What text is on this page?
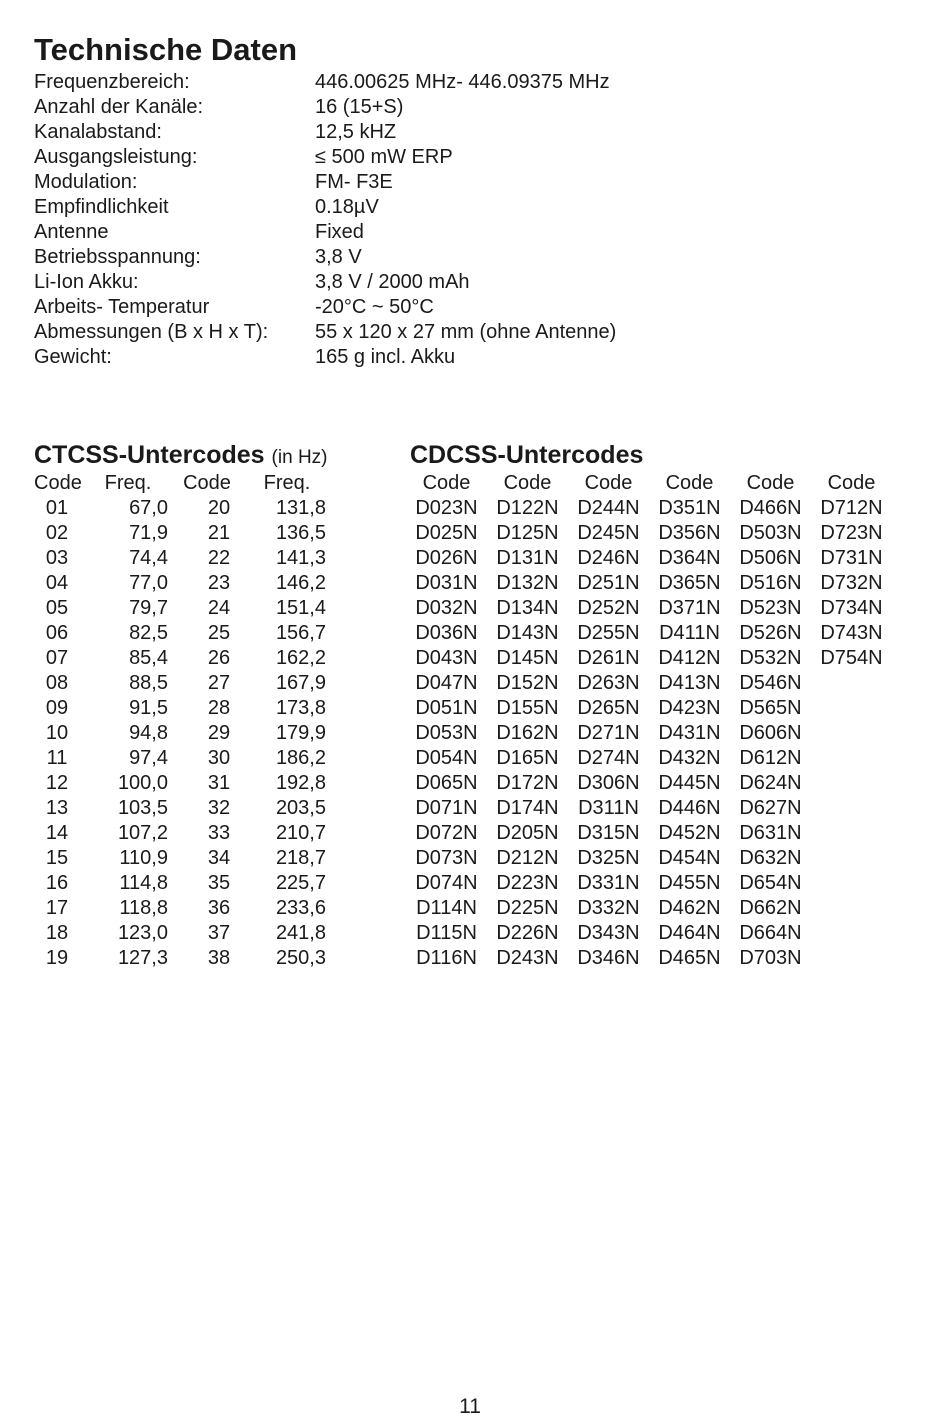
Technische Daten
Frequenzbereich:	446.00625 MHz- 446.09375 MHz
Anzahl der Kanäle:	16 (15+S)
Kanalabstand:	12,5 kHZ
Ausgangsleistung:	≤ 500 mW ERP
Modulation:	FM- F3E
Empfindlichkeit	0.18µV
Antenne	Fixed
Betriebsspannung:	3,8 V
Li-Ion Akku:	3,8 V / 2000 mAh
Arbeits- Temperatur	-20°C ~ 50°C
Abmessungen (B x H x T):	55 x 120 x 27 mm (ohne Antenne)
Gewicht:	165 g incl. Akku
CTCSS-Untercodes (in Hz)	CDCSS-Untercodes
Code	Freq.	Code	Freq.
01	67,0	20	131,8
02	71,9	21	136,5
03	74,4	22	141,3
04	77,0	23	146,2
05	79,7	24	151,4
06	82,5	25	156,7
07	85,4	26	162,2
08	88,5	27	167,9
09	91,5	28	173,8
10	94,8	29	179,9
11	97,4	30	186,2
12	100,0	31	192,8
13	103,5	32	203,5
14	107,2	33	210,7
15	110,9	34	218,7
16	114,8	35	225,7
17	118,8	36	233,6
18	123,0	37	241,8
19	127,3	38	250,3
Code	Code	Code	Code	Code	Code
D023N D122N D244N D351N D466N D712N
D025N D125N D245N D356N D503N D723N
D026N D131N D246N D364N D506N D731N
D031N D132N D251N D365N D516N D732N
D032N D134N D252N D371N D523N D734N
D036N D143N D255N D411N D526N D743N
D043N D145N D261N D412N D532N D754N
D047N D152N D263N D413N D546N
D051N D155N D265N D423N D565N
D053N D162N D271N D431N D606N
D054N D165N D274N D432N D612N
D065N D172N D306N D445N D624N
D071N D174N D311N D446N D627N
D072N D205N D315N D452N D631N
D073N D212N D325N D454N D632N
D074N D223N D331N D455N D654N
D114N D225N D332N D462N D662N
D115N D226N D343N D464N D664N
D116N D243N D346N D465N D703N
11
